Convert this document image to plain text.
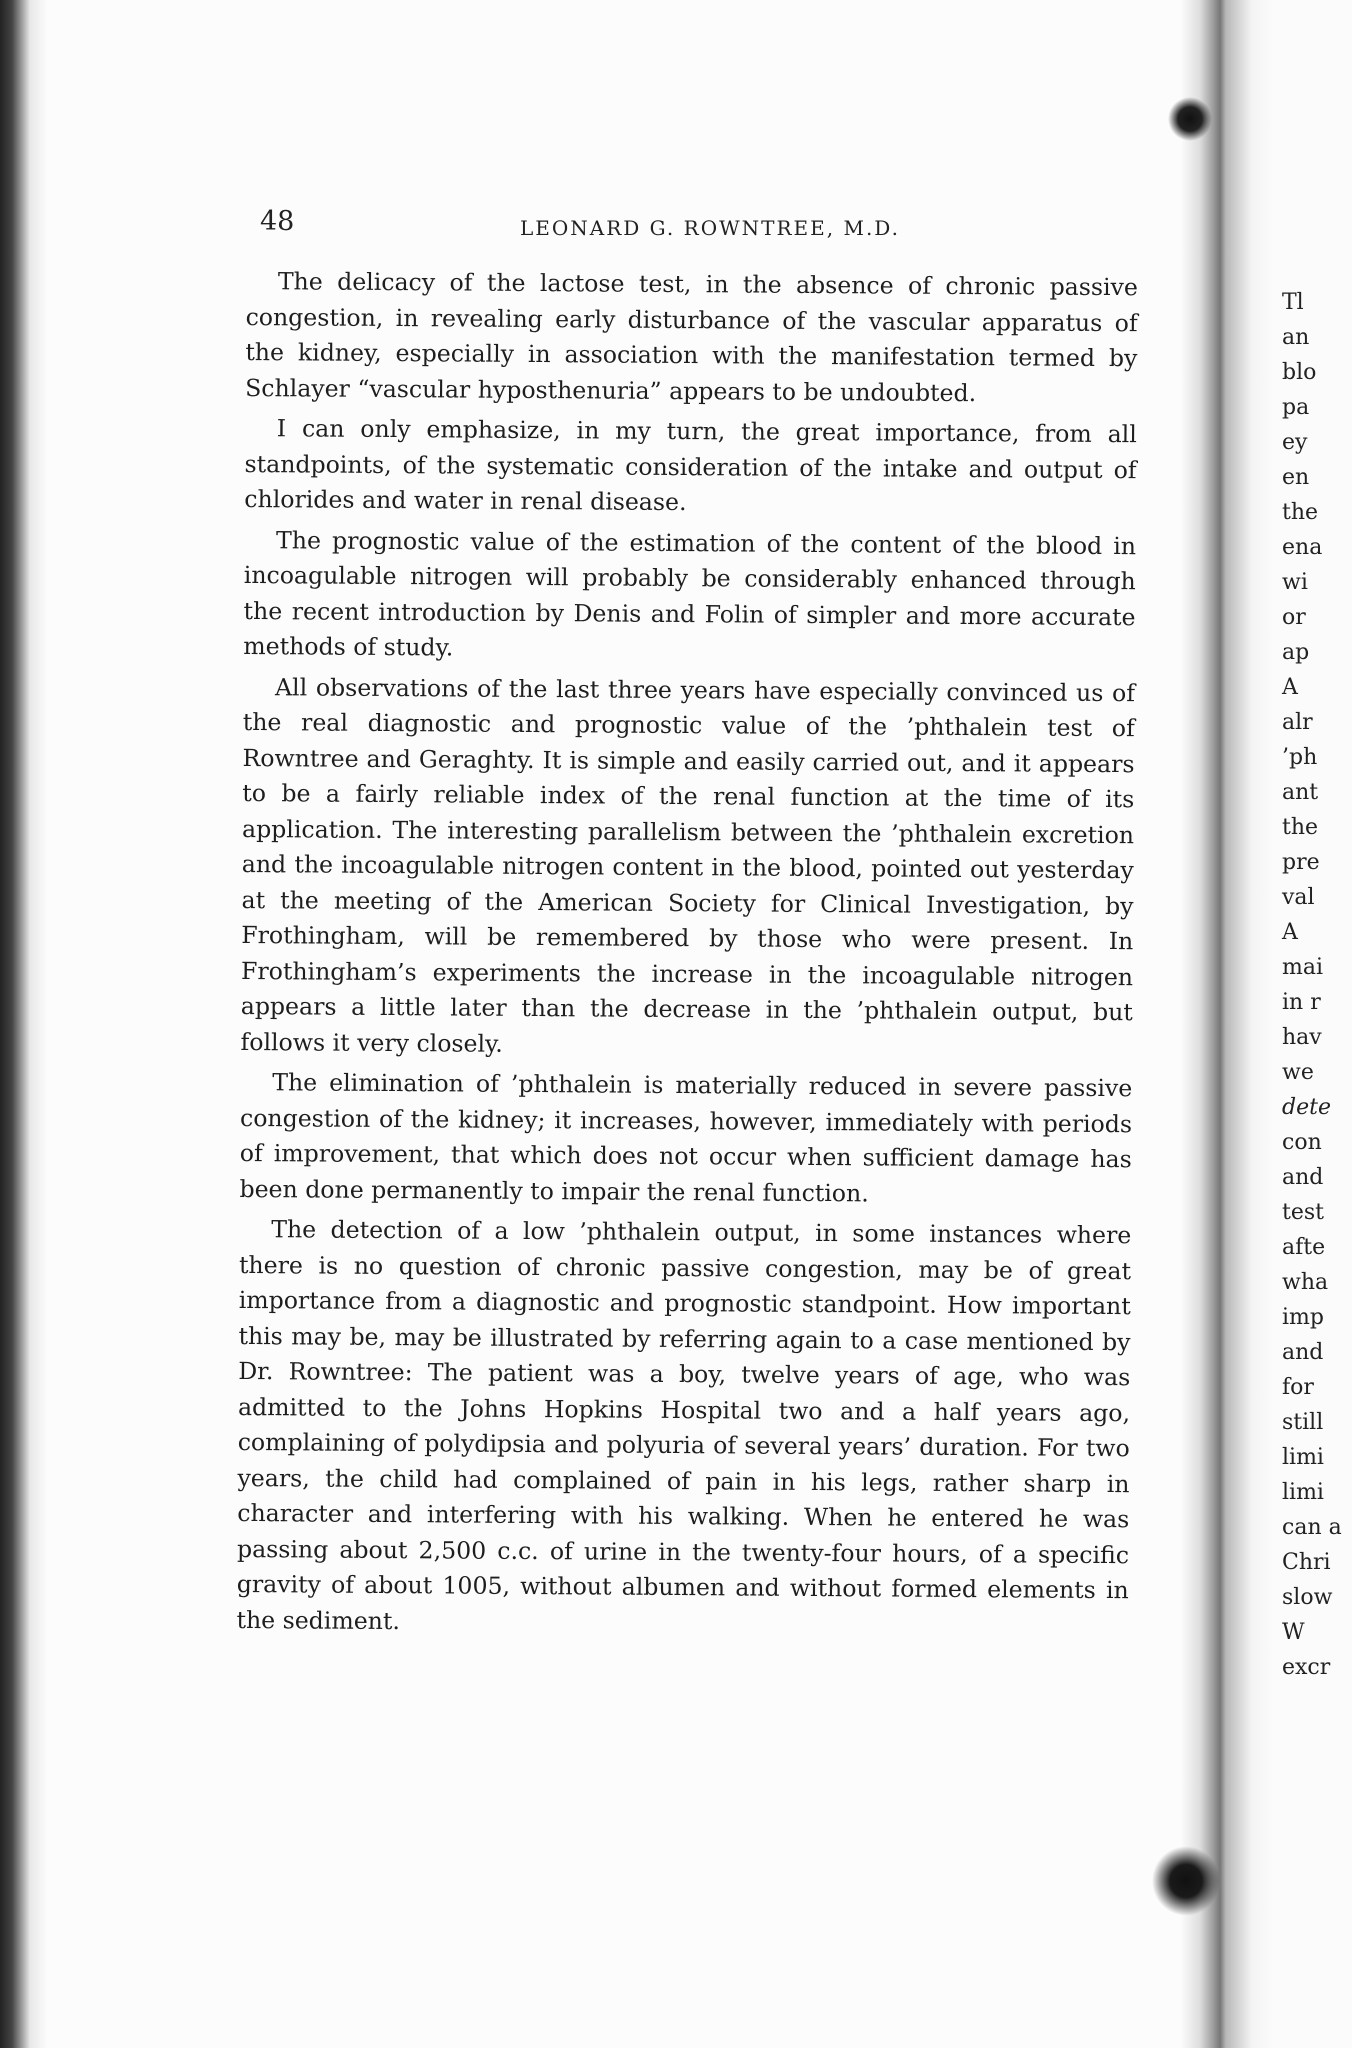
48	LEONARD G. ROWNTREE, M.D.

The delicacy of the lactose test, in the absence of chronic passive congestion, in revealing early disturbance of the vascular apparatus of the kidney, especially in association with the manifestation termed by Schlayer “vascular hyposthenuria” appears to be undoubted.

I can only emphasize, in my turn, the great importance, from all standpoints, of the systematic consideration of the intake and output of chlorides and water in renal disease.

The prognostic value of the estimation of the content of the blood in incoagulable nitrogen will probably be considerably enhanced through the recent introduction by Denis and Folin of simpler and more accurate methods of study.

All observations of the last three years have especially convinced us of the real diagnostic and prognostic value of the ’phthalein test of Rowntree and Geraghty. It is simple and easily carried out, and it appears to be a fairly reliable index of the renal function at the time of its application. The interesting parallelism between the ’phthalein excretion and the incoagulable nitrogen content in the blood, pointed out yesterday at the meeting of the American Society for Clinical Investigation, by Frothingham, will be remembered by those who were present. In Frothingham’s experiments the increase in the incoagulable nitrogen appears a little later than the decrease in the ’phthalein output, but follows it very closely.

The elimination of ’phthalein is materially reduced in severe passive congestion of the kidney; it increases, however, immediately with periods of improvement, that which does not occur when sufficient damage has been done permanently to impair the renal function.

The detection of a low ’phthalein output, in some instances where there is no question of chronic passive congestion, may be of great importance from a diagnostic and prognostic standpoint. How important this may be, may be illustrated by referring again to a case mentioned by Dr. Rowntree: The patient was a boy, twelve years of age, who was admitted to the Johns Hopkins Hospital two and a half years ago, complaining of polydipsia and polyuria of several years’ duration. For two years, the child had complained of pain in his legs, rather sharp in character and interfering with his walking. When he entered he was passing about 2,500 c.c. of urine in the twenty-four hours, of a specific gravity of about 1005, without albumen and without formed elements in the sediment.

Tl
an
blo
pa
ey
en
the
ena
wi
or
ap
A
alr
’ph
ant
the
pre
val
A
mai
in r
hav
we
dete
con
and
test
afte
wha
imp
and
for
still
limi
limi
can a
Chri
slow
W
excr
